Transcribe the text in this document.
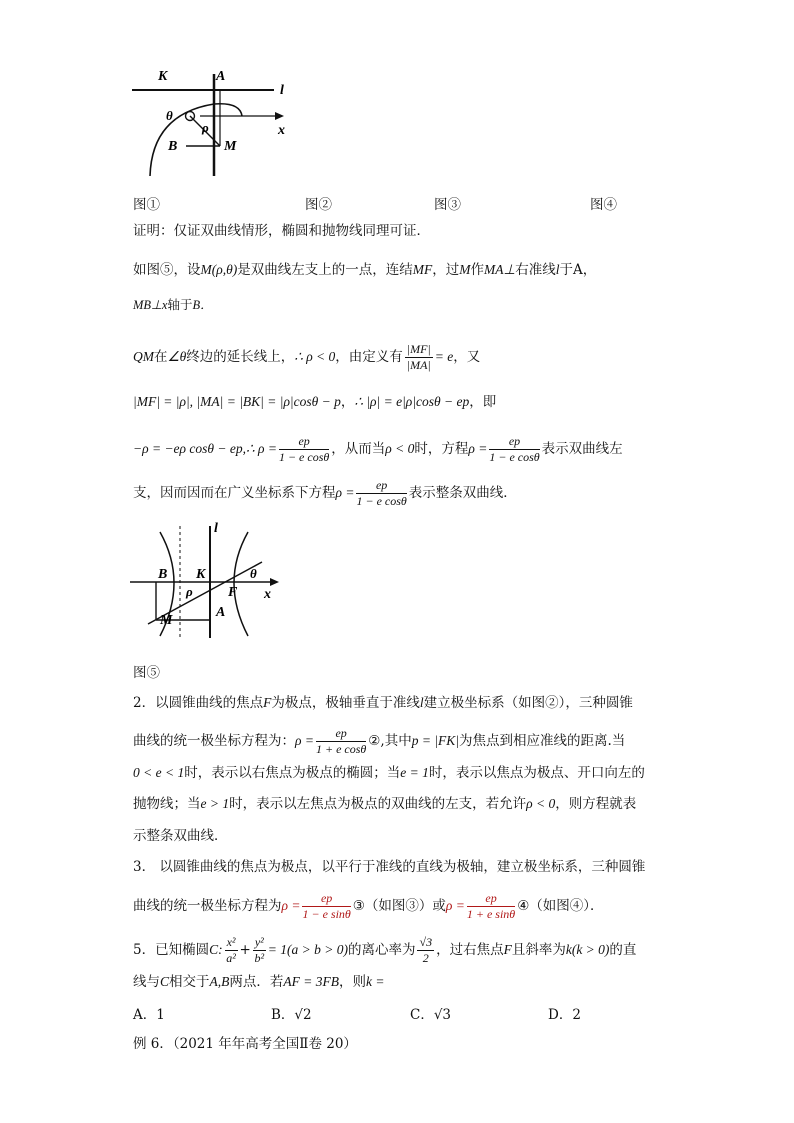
K	A
l
θ
ρ	x
B	M
图①	图②	图③	图④
证明：仅证双曲线情形，椭圆和抛物线同理可证．
如图⑤，设M(ρ,θ)是双曲线左支上的一点，连结MF，过M作MA⊥右准线l于A，
MB⊥x轴于B．
QM在∠θ终边的延长线上，∴ ρ < 0，由定义有 $\frac{|MF|}{|MA|} = e$，又
|MF| = |ρ|, |MA| = |BK| = |ρ|cosθ − p，∴ |ρ| = e|ρ|cosθ − ep，即
−ρ = −eρ cosθ − ep,∴ $\rho = \frac{ep}{\text{1 − e cosθ}}$ ，从而当ρ < 0时，方程$\rho = \frac{ep}{\text{1 − e cosθ}}$ 表示双曲线左
支，因而因而在广义坐标系下方程$\rho = \frac{ep}{\text{1 − e cosθ}}$ 表示整条双曲线．
l
B K	θ
ρ	F x
M
A
图⑤
2．以圆锥曲线的焦点F为极点，极轴垂直于准线l建立极坐标系（如图②），三种圆锥
曲线的统一极坐标方程为：$\rho = \frac{ep}{\text{1 + e cosθ}}$ ②,其中p = |FK|为焦点到相应准线的距离.当
0 < e < 1时，表示以右焦点为极点的椭圆；当e = 1时，表示以焦点为极点、开口向左的
抛物线；当e > 1时，表示以左焦点为极点的双曲线的左支，若允许ρ < 0，则方程就表
示整条双曲线．
3． 以圆锥曲线的焦点为极点，以平行于准线的直线为极轴，建立极坐标系，三种圆锥
曲线的统一极坐标方程为$\rho = \frac{ep}{\text{1 − e sinθ}}$ ③（如图③）或$\rho = \frac{ep}{\text{1 + e sinθ}}$ ④（如图④）．
5．已知椭圆C: $\frac{\text{x²}}{\text{a²}} + \frac{\text{y²}}{\text{b²}} = 1(a > b > 0)$的离心率为 $\frac{√3}{2}$ ，过右焦点F且斜率为k(k > 0)的直
线与C相交于A,B两点．若AF = 3FB，则k =
A．1	B．√2	C．√3	D．2
例 6．（2021 年年高考全国Ⅱ卷 20）
